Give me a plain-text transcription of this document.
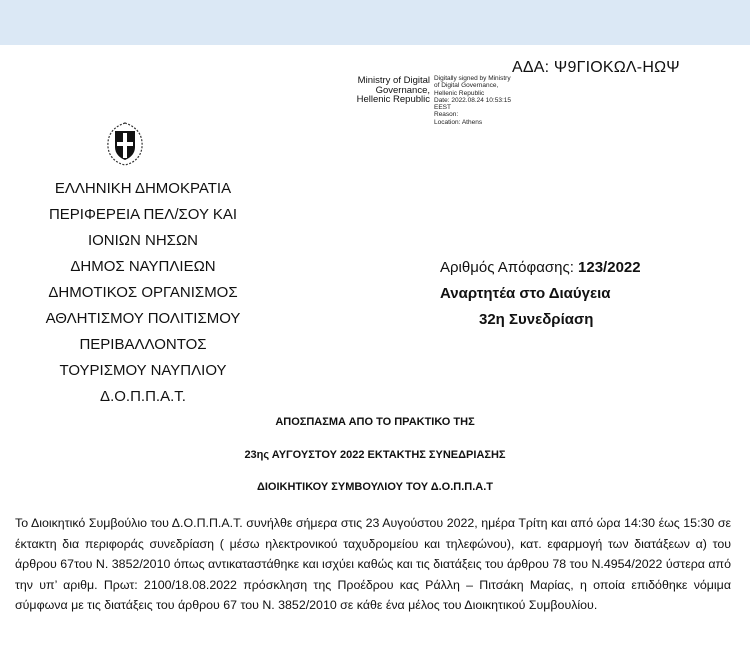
ΑΔΑ: Ψ9ΓΙΟΚΩΛ-ΗΩΨ
Ministry of Digital
Governance,
Hellenic Republic
Digitally signed by Ministry
of Digital Governance,
Hellenic Republic
Date: 2022.08.24 10:53:15
EEST
Reason:
Location: Athens
ΕΛΛΗΝΙΚΗ ΔΗΜΟΚΡΑΤΙΑ
ΠΕΡΙΦΕΡΕΙΑ ΠΕΛ/ΣΟΥ ΚΑΙ
ΙΟΝΙΩΝ ΝΗΣΩΝ
ΔΗΜΟΣ ΝΑΥΠΛΙΕΩΝ
ΔΗΜΟΤΙΚΟΣ ΟΡΓΑΝΙΣΜΟΣ
ΑΘΛΗΤΙΣΜΟΥ ΠΟΛΙΤΙΣΜΟΥ
ΠΕΡΙΒΑΛΛΟΝΤΟΣ
ΤΟΥΡΙΣΜΟΥ ΝΑΥΠΛΙΟΥ
Δ.Ο.Π.Π.Α.Τ.
Αριθμός Απόφασης: 123/2022
Αναρτητέα στο Διαύγεια
32η Συνεδρίαση
ΑΠΟΣΠΑΣΜΑ ΑΠΟ ΤΟ ΠΡΑΚΤΙΚΟ ΤΗΣ
23ης ΑΥΓΟΥΣΤΟΥ 2022 ΕΚΤΑΚΤΗΣ ΣΥΝΕΔΡΙΑΣΗΣ
ΔΙΟΙΚΗΤΙΚΟΥ ΣΥΜΒΟΥΛΙΟΥ ΤΟΥ Δ.Ο.Π.Π.Α.Τ
Το Διοικητικό Συμβούλιο του Δ.Ο.Π.Π.Α.Τ. συνήλθε σήμερα στις 23 Αυγούστου 2022, ημέρα Τρίτη και από ώρα 14:30 έως 15:30 σε έκτακτη δια περιφοράς συνεδρίαση ( μέσω ηλεκτρονικού ταχυδρομείου και τηλεφώνου), κατ. εφαρμογή των διατάξεων α) του άρθρου 67του Ν. 3852/2010 όπως αντικαταστάθηκε και ισχύει καθώς και τις διατάξεις του άρθρου 78 του Ν.4954/2022 ύστερα από την υπ’ αριθμ. Πρωτ: 2100/18.08.2022 πρόσκληση της Προέδρου κας Ράλλη – Πιτσάκη Μαρίας, η οποία επιδόθηκε νόμιμα σύμφωνα με τις διατάξεις του άρθρου 67 του Ν. 3852/2010 σε κάθε ένα μέλος του Διοικητικού Συμβουλίου.
